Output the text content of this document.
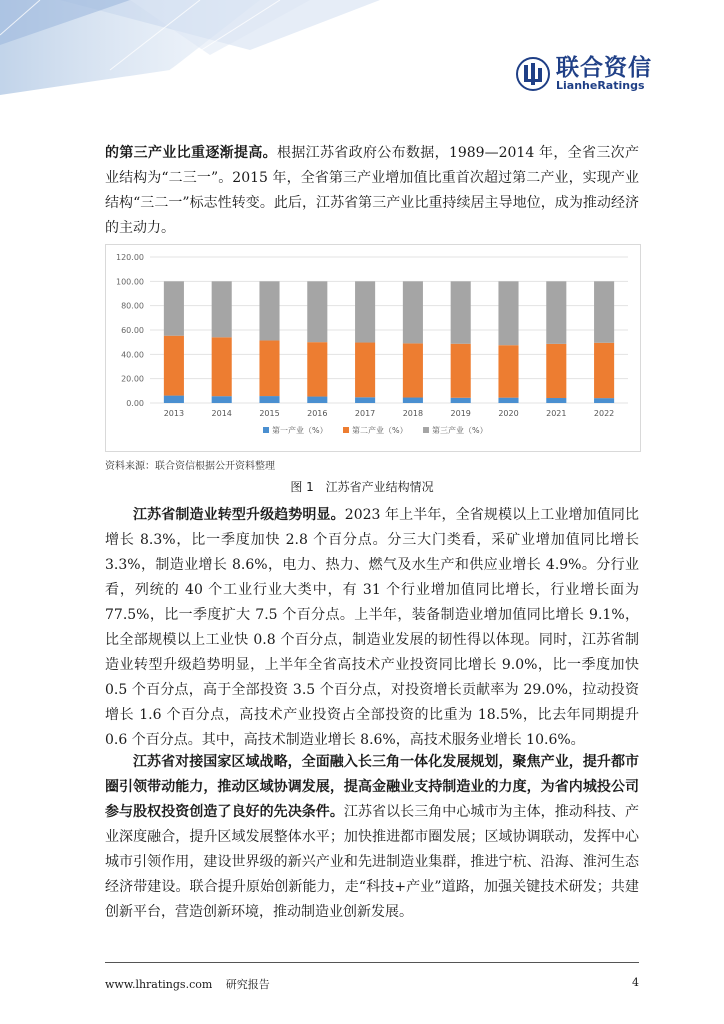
联合资信
LianheRatings

的第三产业比重逐渐提高。根据江苏省政府公布数据，1989—2014 年，全省三次产业结构为“二三一”。2015 年，全省第三产业增加值比重首次超过第二产业，实现产业结构“三二一”标志性转变。此后，江苏省第三产业比重持续居主导地位，成为推动经济的主动力。

0.00
20.00
40.00
60.00
80.00
100.00
120.00
2013	2014	2015	2016	2017	2018	2019	2020	2021	2022
第一产业（%）	第二产业（%）	第三产业（%）
资料来源：联合资信根据公开资料整理
图 1 江苏省产业结构情况

江苏省制造业转型升级趋势明显。2023 年上半年，全省规模以上工业增加值同比增长 8.3%，比一季度加快 2.8 个百分点。分三大门类看，采矿业增加值同比增长 3.3%，制造业增长 8.6%，电力、热力、燃气及水生产和供应业增长 4.9%。分行业看，列统的 40 个工业行业大类中，有 31 个行业增加值同比增长，行业增长面为 77.5%，比一季度扩大 7.5 个百分点。上半年，装备制造业增加值同比增长 9.1%，比全部规模以上工业快 0.8 个百分点，制造业发展的韧性得以体现。同时，江苏省制造业转型升级趋势明显，上半年全省高技术产业投资同比增长 9.0%，比一季度加快 0.5 个百分点，高于全部投资 3.5 个百分点，对投资增长贡献率为 29.0%，拉动投资增长 1.6 个百分点，高技术产业投资占全部投资的比重为 18.5%，比去年同期提升 0.6 个百分点。其中，高技术制造业增长 8.6%，高技术服务业增长 10.6%。

江苏省对接国家区域战略，全面融入长三角一体化发展规划，聚焦产业，提升都市圈引领带动能力，推动区域协调发展，提高金融业支持制造业的力度，为省内城投公司参与股权投资创造了良好的先决条件。江苏省以长三角中心城市为主体，推动科技、产业深度融合，提升区域发展整体水平；加快推进都市圈发展；区域协调联动，发挥中心城市引领作用，建设世界级的新兴产业和先进制造业集群，推进宁杭、沿海、淮河生态经济带建设。联合提升原始创新能力，走“科技+产业”道路，加强关键技术研发；共建创新平台，营造创新环境，推动制造业创新发展。

www.lhratings.com 研究报告	4
